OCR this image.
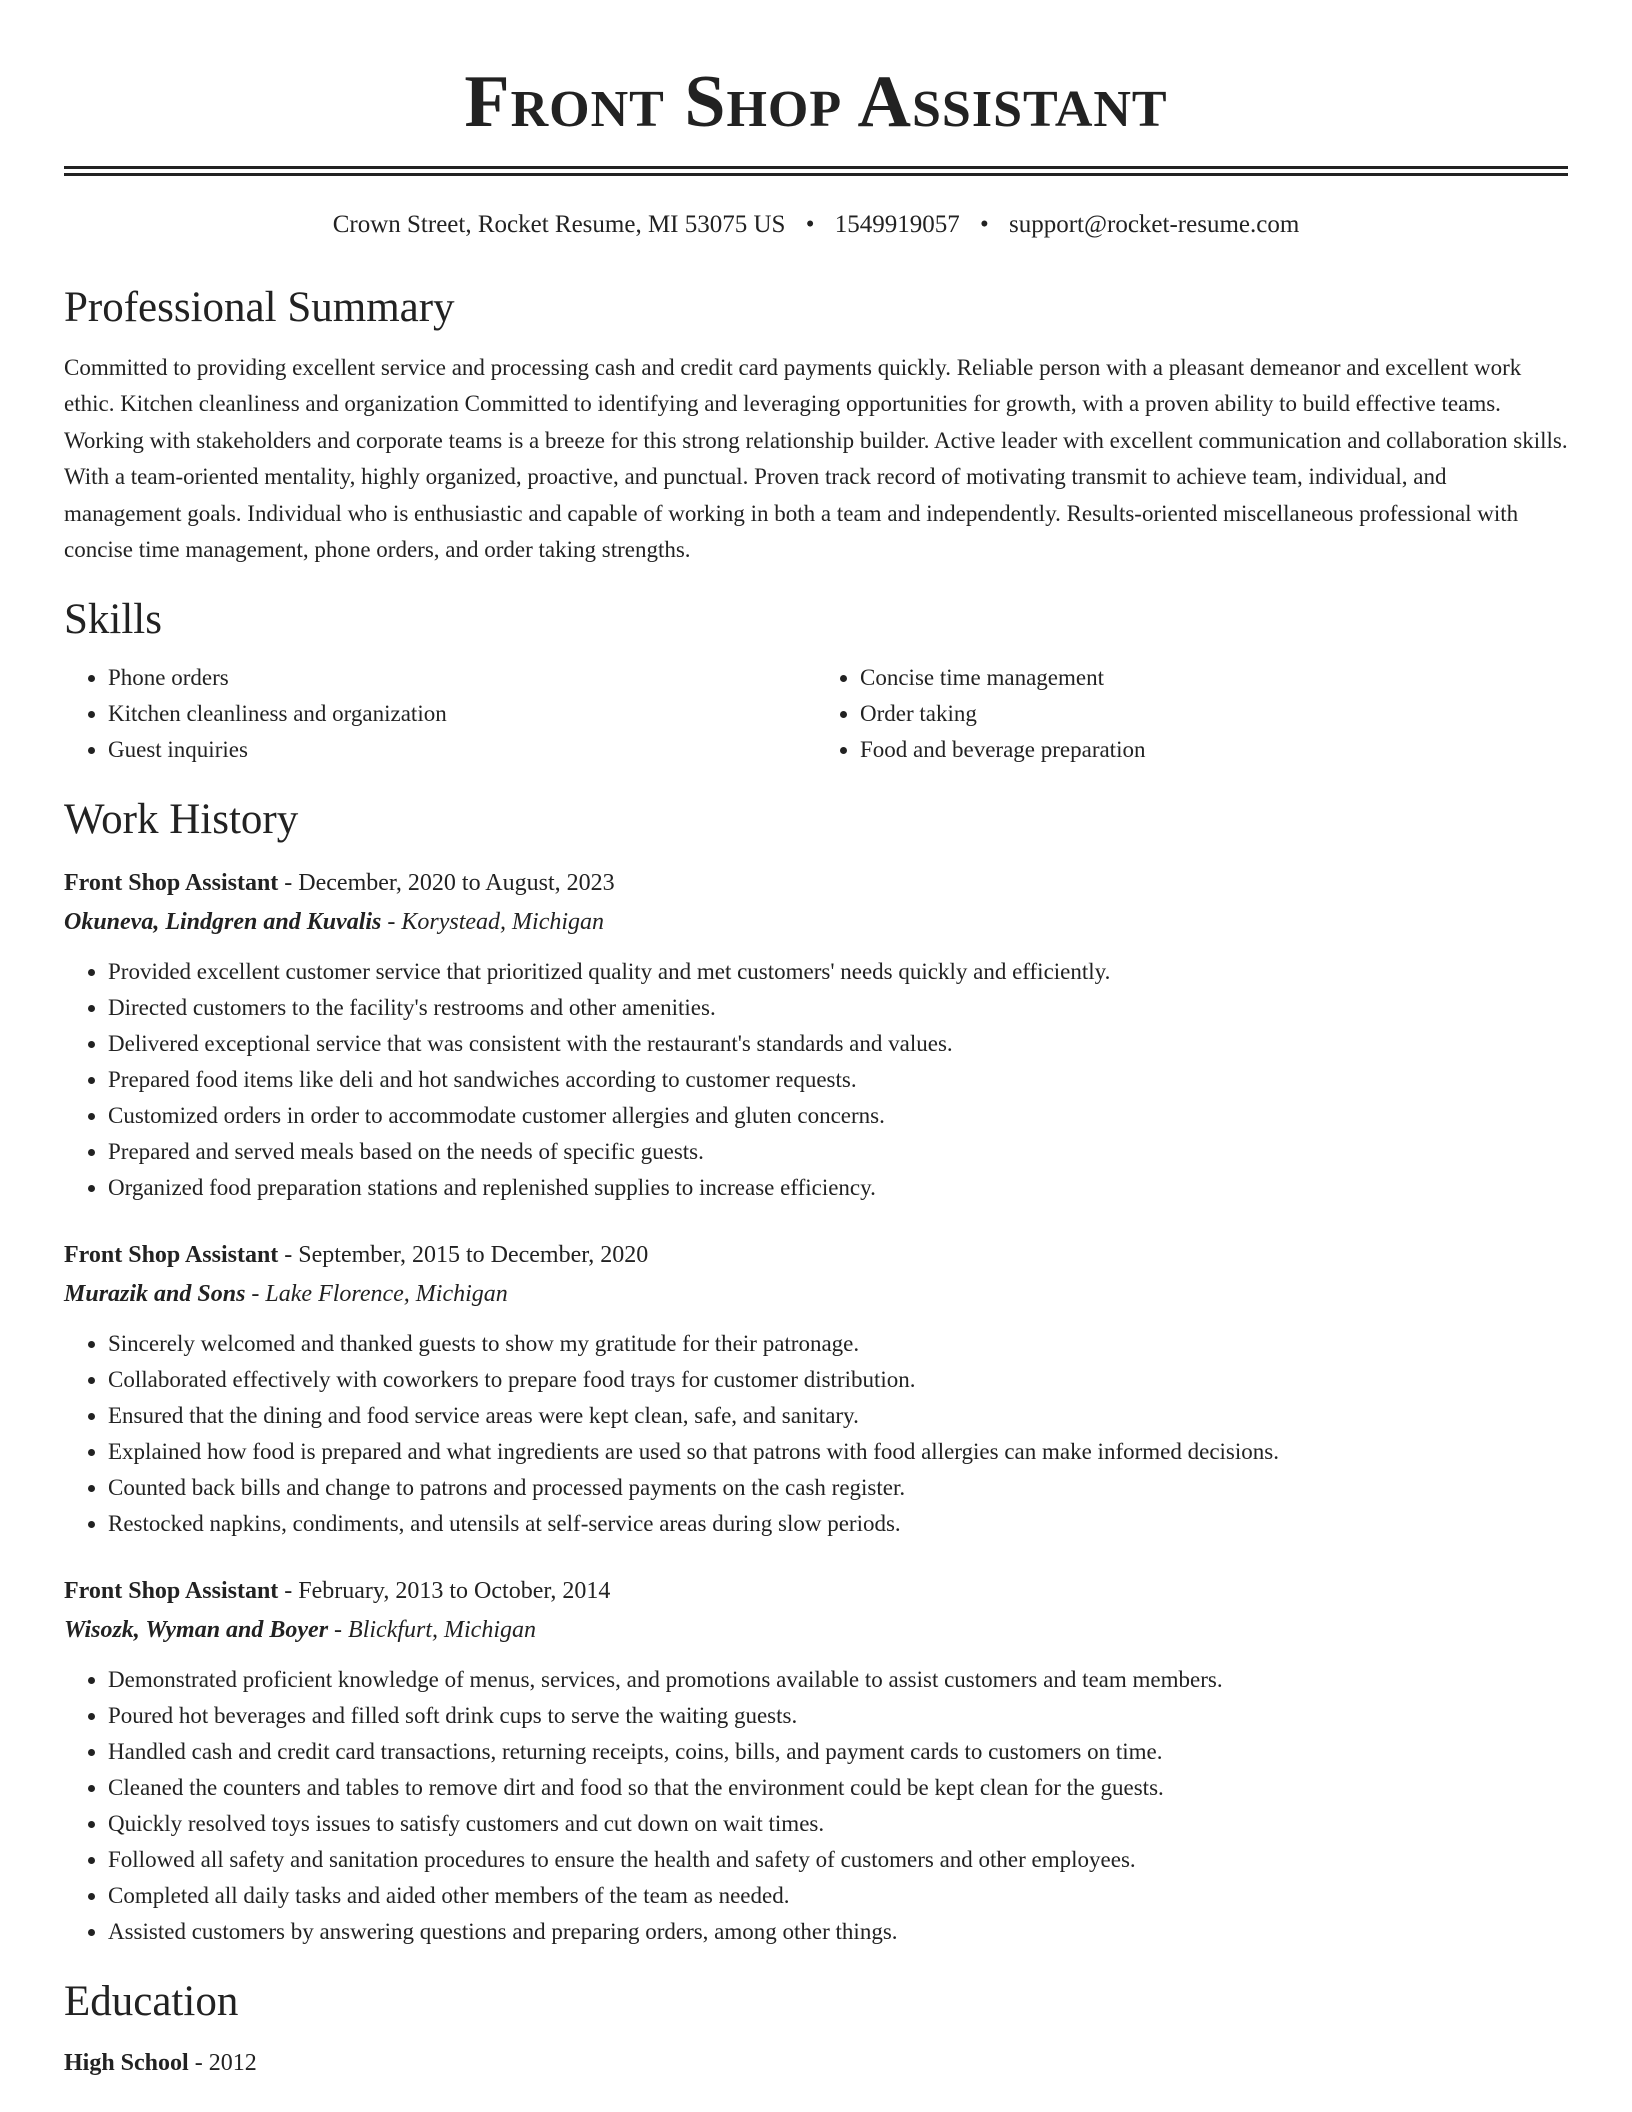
Front Shop Assistant
Crown Street, Rocket Resume, MI 53075 US • 1549919057 • support@rocket-resume.com
Professional Summary

Committed to providing excellent service and processing cash and credit card payments quickly. Reliable person with a pleasant demeanor and excellent work ethic. Kitchen cleanliness and organization Committed to identifying and leveraging opportunities for growth, with a proven ability to build effective teams. Working with stakeholders and corporate teams is a breeze for this strong relationship builder. Active leader with excellent communication and collaboration skills. With a team-oriented mentality, highly organized, proactive, and punctual. Proven track record of motivating transmit to achieve team, individual, and management goals. Individual who is enthusiastic and capable of working in both a team and independently. Results-oriented miscellaneous professional with concise time management, phone orders, and order taking strengths.

Skills
• Phone orders
• Kitchen cleanliness and organization
• Guest inquiries
• Concise time management
• Order taking
• Food and beverage preparation
Work History
Front Shop Assistant - December, 2020 to August, 2023
Okuneva, Lindgren and Kuvalis - Korystead, Michigan
• Provided excellent customer service that prioritized quality and met customers' needs quickly and efficiently.
• Directed customers to the facility's restrooms and other amenities.
• Delivered exceptional service that was consistent with the restaurant's standards and values.
• Prepared food items like deli and hot sandwiches according to customer requests.
• Customized orders in order to accommodate customer allergies and gluten concerns.
• Prepared and served meals based on the needs of specific guests.
• Organized food preparation stations and replenished supplies to increase efficiency.
Front Shop Assistant - September, 2015 to December, 2020
Murazik and Sons - Lake Florence, Michigan
• Sincerely welcomed and thanked guests to show my gratitude for their patronage.
• Collaborated effectively with coworkers to prepare food trays for customer distribution.
• Ensured that the dining and food service areas were kept clean, safe, and sanitary.
• Explained how food is prepared and what ingredients are used so that patrons with food allergies can make informed decisions.
• Counted back bills and change to patrons and processed payments on the cash register.
• Restocked napkins, condiments, and utensils at self-service areas during slow periods.
Front Shop Assistant - February, 2013 to October, 2014
Wisozk, Wyman and Boyer - Blickfurt, Michigan
• Demonstrated proficient knowledge of menus, services, and promotions available to assist customers and team members.
• Poured hot beverages and filled soft drink cups to serve the waiting guests.
• Handled cash and credit card transactions, returning receipts, coins, bills, and payment cards to customers on time.
• Cleaned the counters and tables to remove dirt and food so that the environment could be kept clean for the guests.
• Quickly resolved toys issues to satisfy customers and cut down on wait times.
• Followed all safety and sanitation procedures to ensure the health and safety of customers and other employees.
• Completed all daily tasks and aided other members of the team as needed.
• Assisted customers by answering questions and preparing orders, among other things.
Education
High School - 2012
